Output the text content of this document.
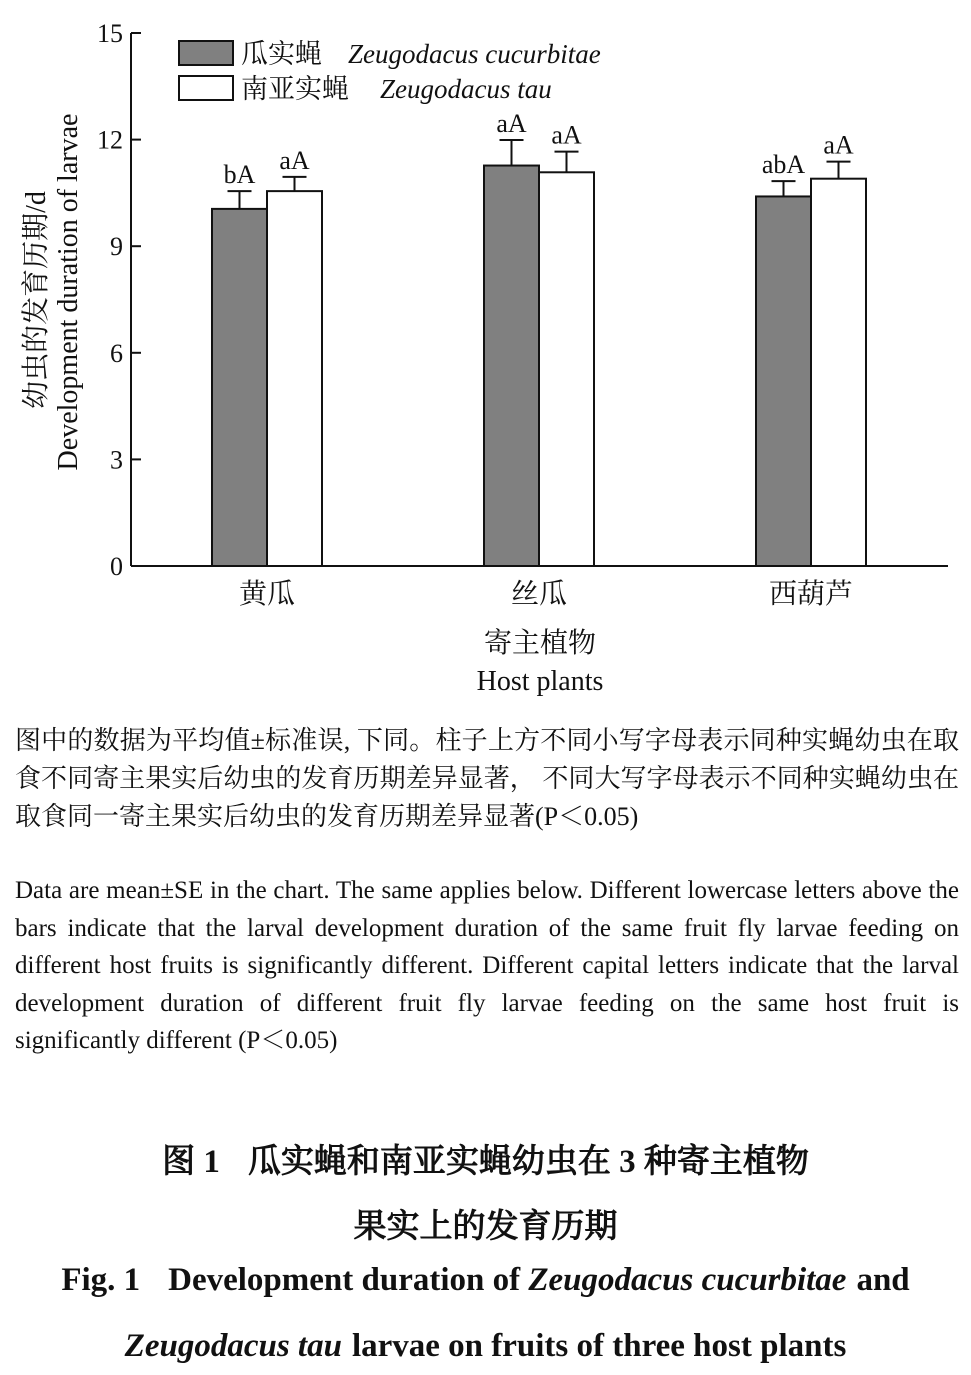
0
3
6
9
12
15
幼虫的发育历期/d Development duration of larvae
寄主植物
Host plants
黄瓜	丝瓜	西葫芦
bA aA
aA aA
abA
aA
瓜实蝇 Zeugodacus cucurbitae
南亚实蝇 Zeugodacus tau
图中的数据为平均值±标准误, 下同。柱子上方不同小写字母表示同种实蝇幼虫在取食不同寄主果实后幼虫的发育历期差异显著， 不同大写字母表示不同种实蝇幼虫在取食同一寄主果实后幼虫的发育历期差异显著(P＜0.05)
Data are mean±SE in the chart. The same applies below. Different lowercase letters above the bars indicate that the larval development duration of the same fruit fly larvae feeding on different host fruits is significantly different. Different capital letters indicate that the larval development duration of different fruit fly larvae feeding on the same host fruit is significantly different (P＜0.05)
图 1 瓜实蝇和南亚实蝇幼虫在 3 种寄主植物
果实上的发育历期
Fig. 1 Development duration of Zeugodacus cucurbitae and
Zeugodacus tau larvae on fruits of three host plants
